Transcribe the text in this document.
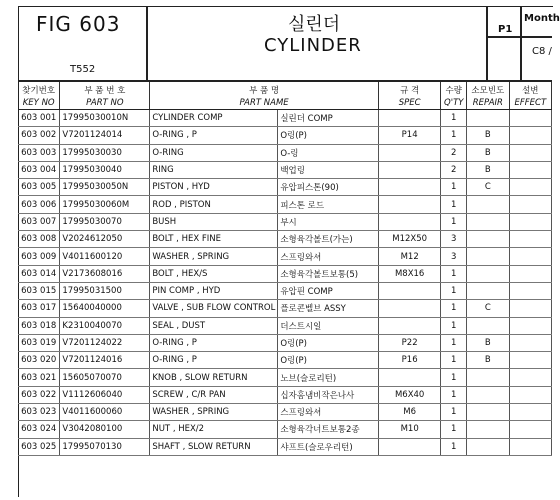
FIG 603
T552
실린더
CYLINDER
P1
Month
C8 /
찾기번호	부 품 번 호	부 품 명		규 격	수량	소모빈도	설변
KEY NO	PART NO	PART NAME		SPEC	Q'TY	REPAIR	EFFECT
603 001	17995030010N	CYLINDER COMP	실린더 COMP		1		
603 002	V7201124014	O-RING , P	O링(P)	P14	1	B	
603 003	17995030030	O-RING	O-링		2	B	
603 004	17995030040	RING	백업링		2	B	
603 005	17995030050N	PISTON , HYD	유압피스톤(90)		1	C	
603 006	17995030060M	ROD , PISTON	피스톤 로드		1		
603 007	17995030070	BUSH	부시		1		
603 008	V2024612050	BOLT , HEX FINE	소형육각볼트(가는)	M12X50	3		
603 009	V4011600120	WASHER , SPRING	스프링와셔	M12	3		
603 014	V2173608016	BOLT , HEX/S	소형육각볼트보통(5)	M8X16	1		
603 015	17995031500	PIN COMP , HYD	유압핀 COMP		1		
603 017	15640040000	VALVE , SUB FLOW CONTROL	플로콘벨브 ASSY		1	C	
603 018	K2310040070	SEAL , DUST	더스트시일		1		
603 019	V7201124022	O-RING , P	O링(P)	P22	1	B	
603 020	V7201124016	O-RING , P	O링(P)	P16	1	B	
603 021	15605070070	KNOB , SLOW RETURN	노브(슬로리턴)		1		
603 022	V1112606040	SCREW , C/R PAN	십자홈냄비작은나사	M6X40	1		
603 023	V4011600060	WASHER , SPRING	스프링와셔	M6	1		
603 024	V3042080100	NUT , HEX/2	소형육각너트보통2종	M10	1		
603 025	17995070130	SHAFT , SLOW RETURN	샤프트(슬로우리턴)		1		
